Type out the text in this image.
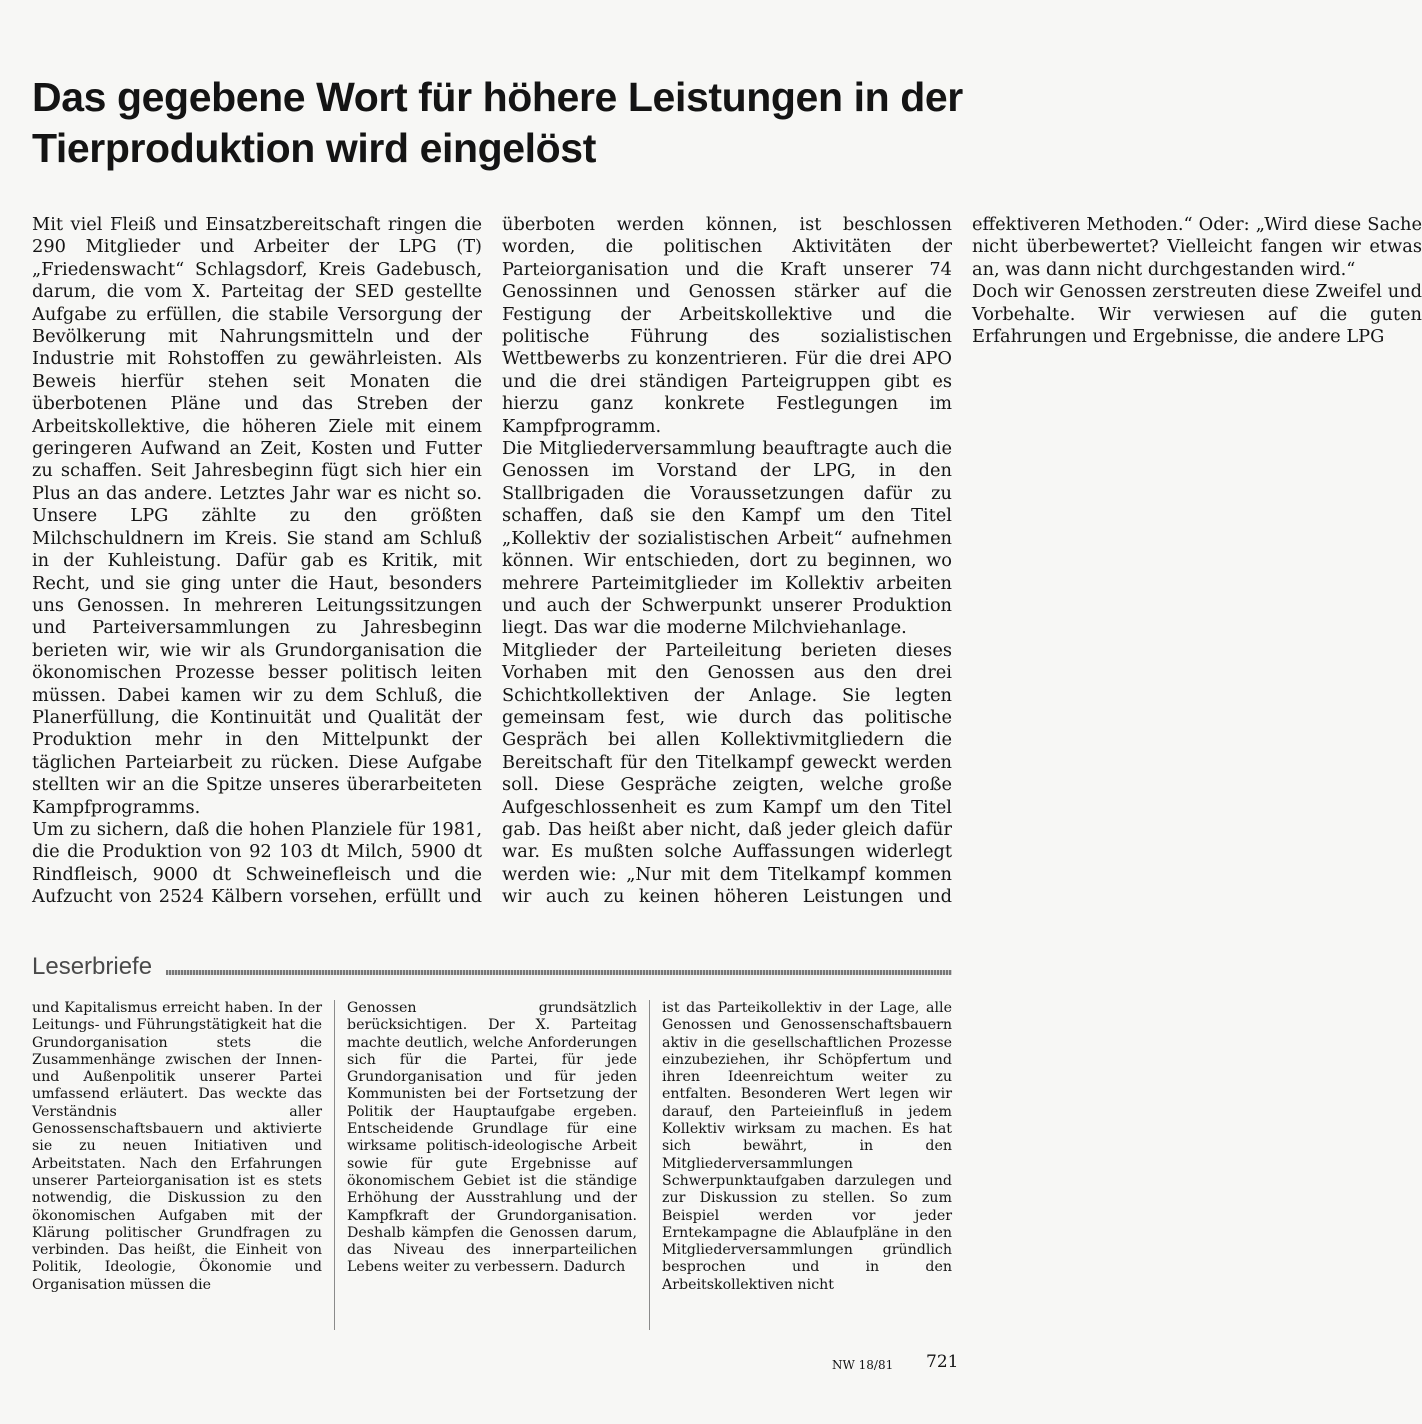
Das gegebene Wort für höhere Leistungen in der Tierproduktion wird eingelöst

Mit viel Fleiß und Einsatzbereitschaft ringen die 290 Mitglieder und Arbeiter der LPG (T) „Friedenswacht“ Schlagsdorf, Kreis Gadebusch, darum, die vom X. Parteitag der SED gestellte Aufgabe zu erfüllen, die stabile Versorgung der Bevölkerung mit Nahrungsmitteln und der Industrie mit Rohstoffen zu gewährleisten. Als Beweis hierfür stehen seit Monaten die überbotenen Pläne und das Streben der Arbeitskollektive, die höheren Ziele mit einem geringeren Aufwand an Zeit, Kosten und Futter zu schaffen. Seit Jahresbeginn fügt sich hier ein Plus an das andere. Letztes Jahr war es nicht so. Unsere LPG zählte zu den größten Milchschuldnern im Kreis. Sie stand am Schluß in der Kuhleistung. Dafür gab es Kritik, mit Recht, und sie ging unter die Haut, besonders uns Genossen. In mehreren Leitungssitzungen und Parteiversammlungen zu Jahresbeginn berieten wir, wie wir als Grundorganisation die ökonomischen Prozesse besser politisch leiten müssen. Dabei kamen wir zu dem Schluß, die Planerfüllung, die Kontinuität und Qualität der Produktion mehr in den Mittelpunkt der täglichen Parteiarbeit zu rücken. Diese Aufgabe stellten wir an die Spitze unseres überarbeiteten Kampfprogramms.

Um zu sichern, daß die hohen Planziele für 1981, die die Produktion von 92 103 dt Milch, 5900 dt Rindfleisch, 9000 dt Schweinefleisch und die Aufzucht von 2524 Kälbern vorsehen, erfüllt und überboten werden können, ist beschlossen worden, die politischen Aktivitäten der Parteiorganisation und die Kraft unserer 74 Genossinnen und Genossen stärker auf die Festigung der Arbeitskollektive und die politische Führung des sozialistischen Wettbewerbs zu konzentrieren. Für die drei APO und die drei ständigen Parteigruppen gibt es hierzu ganz konkrete Festlegungen im Kampfprogramm.

Die Mitgliederversammlung beauftragte auch die Genossen im Vorstand der LPG, in den Stallbrigaden die Voraussetzungen dafür zu schaffen, daß sie den Kampf um den Titel „Kollektiv der sozialistischen Arbeit“ aufnehmen können. Wir entschieden, dort zu beginnen, wo mehrere Parteimitglieder im Kollektiv arbeiten und auch der Schwerpunkt unserer Produktion liegt. Das war die moderne Milchviehanlage.

Mitglieder der Parteileitung berieten dieses Vorhaben mit den Genossen aus den drei Schichtkollektiven der Anlage. Sie legten gemeinsam fest, wie durch das politische Gespräch bei allen Kollektivmitgliedern die Bereitschaft für den Titelkampf geweckt werden soll. Diese Gespräche zeigten, welche große Aufgeschlossenheit es zum Kampf um den Titel gab. Das heißt aber nicht, daß jeder gleich dafür war. Es mußten solche Auffassungen widerlegt werden wie: „Nur mit dem Titelkampf kommen wir auch zu keinen höheren Leistungen und effektiveren Methoden.“ Oder: „Wird diese Sache nicht überbewertet? Vielleicht fangen wir etwas an, was dann nicht durchgestanden wird.“

Doch wir Genossen zerstreuten diese Zweifel und Vorbehalte. Wir verwiesen auf die guten Erfahrungen und Ergebnisse, die andere LPG

Leserbriefe

und Kapitalismus erreicht haben. In der Leitungs- und Führungstätigkeit hat die Grundorganisation stets die Zusammenhänge zwischen der Innen- und Außenpolitik unserer Partei umfassend erläutert. Das weckte das Verständnis aller Genossenschaftsbauern und aktivierte sie zu neuen Initiativen und Arbeitstaten. Nach den Erfahrungen unserer Parteiorganisation ist es stets notwendig, die Diskussion zu den ökonomischen Aufgaben mit der Klärung politischer Grundfragen zu verbinden. Das heißt, die Einheit von Politik, Ideologie, Ökonomie und Organisation müssen die

Genossen grundsätzlich berücksichtigen. Der X. Parteitag machte deutlich, welche Anforderungen sich für die Partei, für jede Grundorganisation und für jeden Kommunisten bei der Fortsetzung der Politik der Hauptaufgabe ergeben. Entscheidende Grundlage für eine wirksame politisch-ideologische Arbeit sowie für gute Ergebnisse auf ökonomischem Gebiet ist die ständige Erhöhung der Ausstrahlung und der Kampfkraft der Grundorganisation. Deshalb kämpfen die Genossen darum, das Niveau des innerparteilichen Lebens weiter zu verbessern. Dadurch

ist das Parteikollektiv in der Lage, alle Genossen und Genossenschaftsbauern aktiv in die gesellschaftlichen Prozesse einzubeziehen, ihr Schöpfertum und ihren Ideenreichtum weiter zu entfalten. Besonderen Wert legen wir darauf, den Parteieinfluß in jedem Kollektiv wirksam zu machen. Es hat sich bewährt, in den Mitgliederversammlungen Schwerpunktaufgaben darzulegen und zur Diskussion zu stellen. So zum Beispiel werden vor jeder Erntekampagne die Ablaufpläne in den Mitgliederversammlungen gründlich besprochen und in den Arbeitskollektiven nicht

NW 18/81 721
